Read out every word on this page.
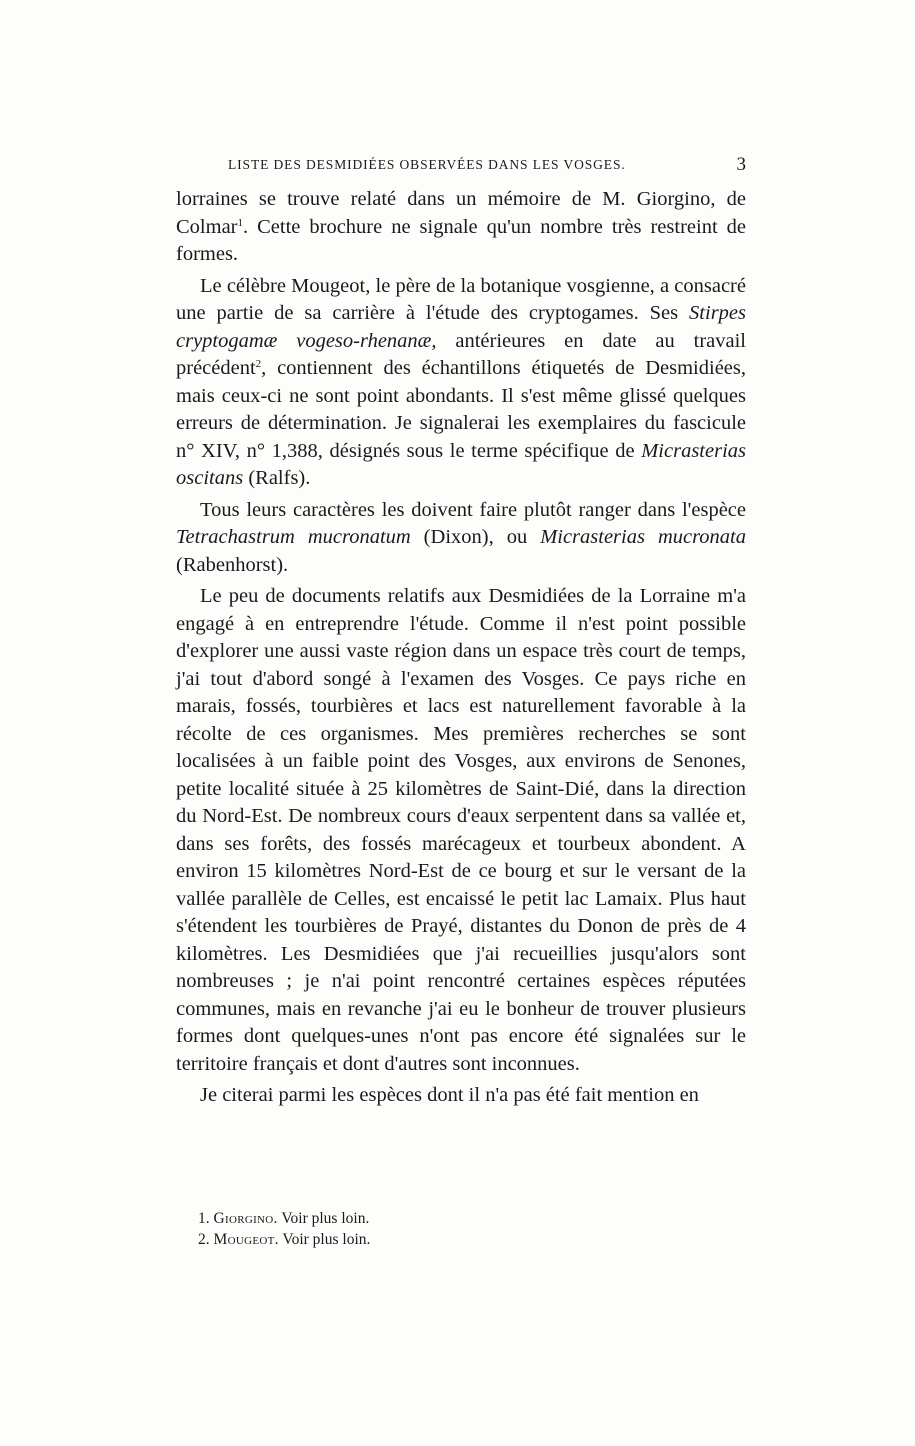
LISTE DES DESMIDIÉES OBSERVÉES DANS LES VOSGES.	3

lorraines se trouve relaté dans un mémoire de M. Giorgino, de Colmar$^1$. Cette brochure ne signale qu'un nombre très restreint de formes.

Le célèbre Mougeot, le père de la botanique vosgienne, a consacré une partie de sa carrière à l'étude des cryptogames. Ses Stirpes cryptogamæ vogeso-rhenanæ, antérieures en date au travail précédent$^2$, contiennent des échantillons étiquetés de Desmidiées, mais ceux-ci ne sont point abondants. Il s'est même glissé quelques erreurs de détermination. Je signalerai les exemplaires du fascicule n° XIV, n° 1,388, désignés sous le terme spécifique de Micrasterias oscitans (Ralfs).

Tous leurs caractères les doivent faire plutôt ranger dans l'espèce Tetrachastrum mucronatum (Dixon), ou Micrasterias mucronata (Rabenhorst).

Le peu de documents relatifs aux Desmidiées de la Lorraine m'a engagé à en entreprendre l'étude. Comme il n'est point possible d'explorer une aussi vaste région dans un espace très court de temps, j'ai tout d'abord songé à l'examen des Vosges. Ce pays riche en marais, fossés, tourbières et lacs est naturellement favorable à la récolte de ces organismes. Mes premières recherches se sont localisées à un faible point des Vosges, aux environs de Senones, petite localité située à 25 kilomètres de Saint-Dié, dans la direction du Nord-Est. De nombreux cours d'eaux serpentent dans sa vallée et, dans ses forêts, des fossés marécageux et tourbeux abondent. A environ 15 kilomètres Nord-Est de ce bourg et sur le versant de la vallée parallèle de Celles, est encaissé le petit lac Lamaix. Plus haut s'étendent les tourbières de Prayé, distantes du Donon de près de 4 kilomètres. Les Desmidiées que j'ai recueillies jusqu'alors sont nombreuses ; je n'ai point rencontré certaines espèces réputées communes, mais en revanche j'ai eu le bonheur de trouver plusieurs formes dont quelques-unes n'ont pas encore été signalées sur le territoire français et dont d'autres sont inconnues.

Je citerai parmi les espèces dont il n'a pas été fait mention en

1. Giorgino. Voir plus loin.
2. Mougeot. Voir plus loin.
